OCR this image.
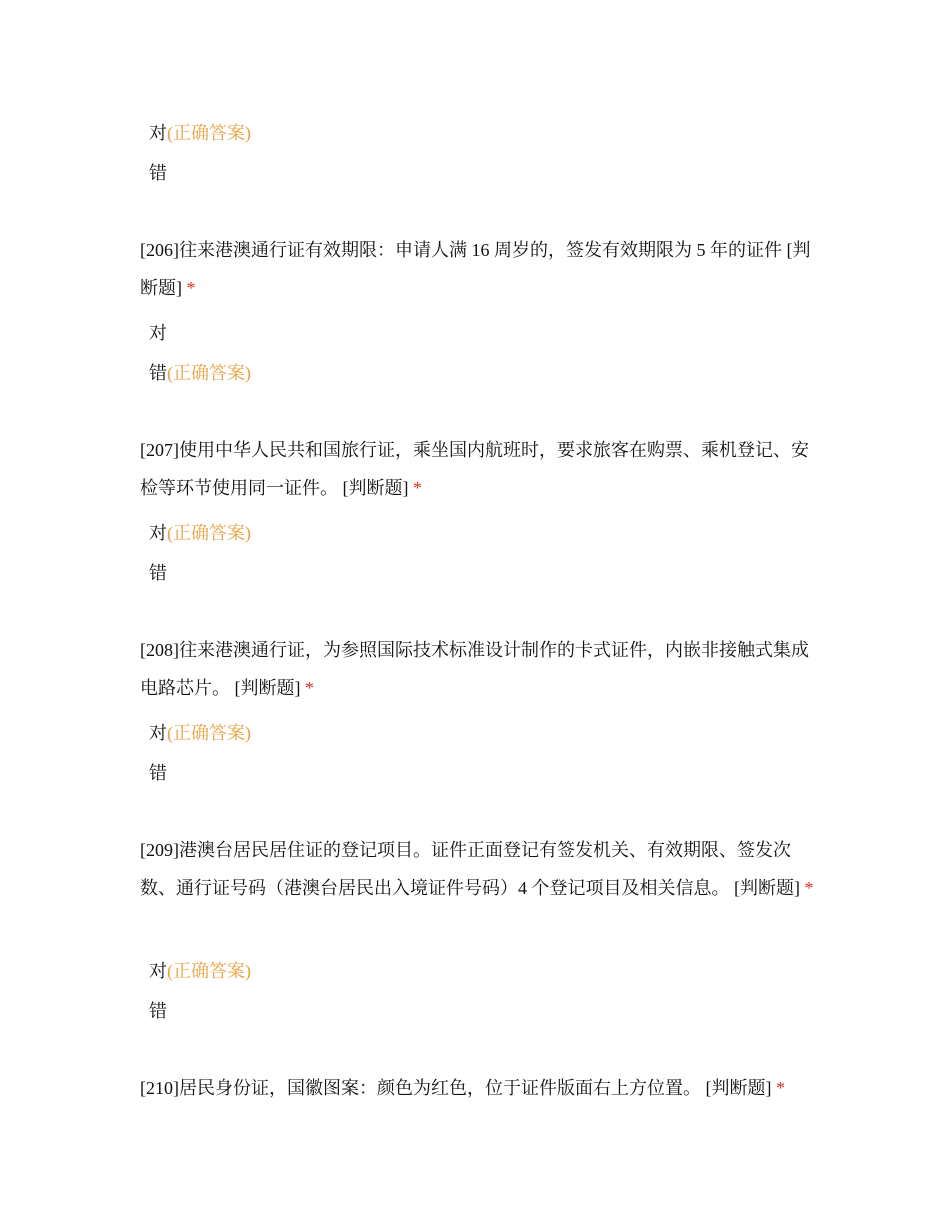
对(正确答案)
错
[206]往来港澳通行证有效期限：申请人满 16 周岁的，签发有效期限为 5 年的证件 [判断题] *
对
错(正确答案)
[207]使用中华人民共和国旅行证，乘坐国内航班时，要求旅客在购票、乘机登记、安检等环节使用同一证件。 [判断题] *
对(正确答案)
错
[208]往来港澳通行证，为参照国际技术标准设计制作的卡式证件，内嵌非接触式集成电路芯片。 [判断题] *
对(正确答案)
错
[209]港澳台居民居住证的登记项目。证件正面登记有签发机关、有效期限、签发次数、通行证号码（港澳台居民出入境证件号码）4 个登记项目及相关信息。 [判断题] *
对(正确答案)
错
[210]居民身份证，国徽图案：颜色为红色，位于证件版面右上方位置。 [判断题] *
